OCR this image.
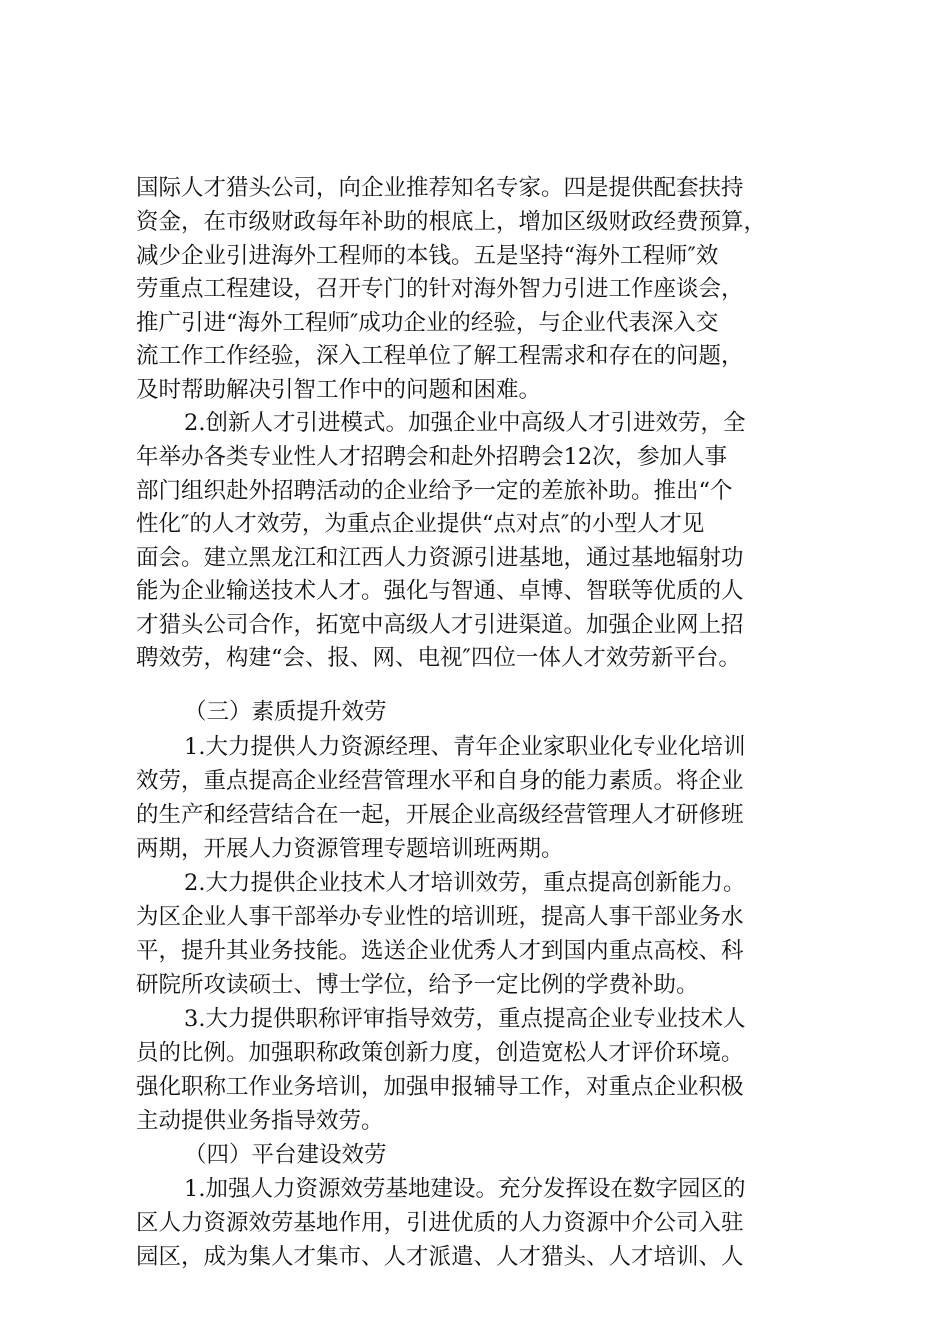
国际人才猎头公司，向企业推荐知名专家。四是提供配套扶持
资金，在市级财政每年补助的根底上，增加区级财政经费预算，
减少企业引进海外工程师的本钱。五是坚持“海外工程师″效
劳重点工程建设，召开专门的针对海外智力引进工作座谈会，
推广引进“海外工程师″成功企业的经验，与企业代表深入交
流工作工作经验，深入工程单位了解工程需求和存在的问题，
及时帮助解决引智工作中的问题和困难。
2.创新人才引进模式。加强企业中高级人才引进效劳，全
年举办各类专业性人才招聘会和赴外招聘会12次，参加人事
部门组织赴外招聘活动的企业给予一定的差旅补助。推出“个
性化″的人才效劳，为重点企业提供“点对点″的小型人才见
面会。建立黑龙江和江西人力资源引进基地，通过基地辐射功
能为企业输送技术人才。强化与智通、卓博、智联等优质的人
才猎头公司合作，拓宽中高级人才引进渠道。加强企业网上招
聘效劳，构建“会、报、网、电视″四位一体人才效劳新平台。
（三）素质提升效劳
1.大力提供人力资源经理、青年企业家职业化专业化培训
效劳，重点提高企业经营管理水平和自身的能力素质。将企业
的生产和经营结合在一起，开展企业高级经营管理人才研修班
两期，开展人力资源管理专题培训班两期。
2.大力提供企业技术人才培训效劳，重点提高创新能力。
为区企业人事干部举办专业性的培训班，提高人事干部业务水
平，提升其业务技能。选送企业优秀人才到国内重点高校、科
研院所攻读硕士、博士学位，给予一定比例的学费补助。
3.大力提供职称评审指导效劳，重点提高企业专业技术人
员的比例。加强职称政策创新力度，创造宽松人才评价环境。
强化职称工作业务培训，加强申报辅导工作，对重点企业积极
主动提供业务指导效劳。
（四）平台建设效劳
1.加强人力资源效劳基地建设。充分发挥设在数字园区的
区人力资源效劳基地作用，引进优质的人力资源中介公司入驻
园区，成为集人才集市、人才派遣、人才猎头、人才培训、人
